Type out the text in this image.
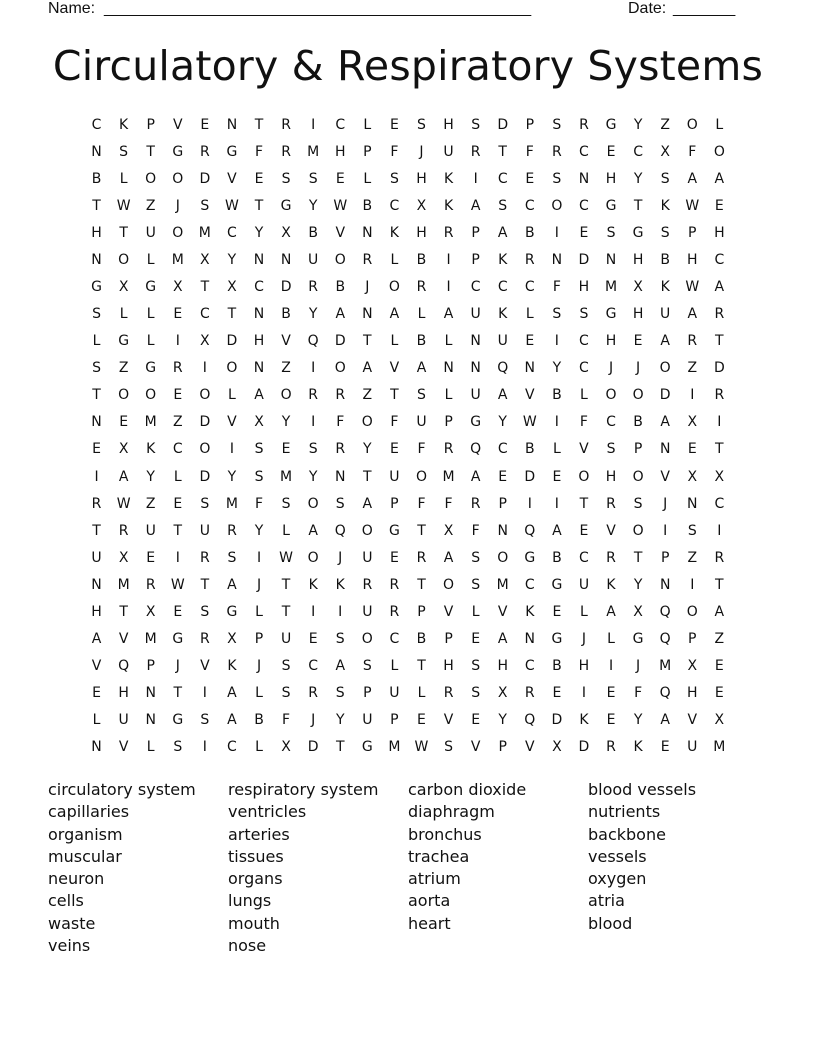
Name: ________________________________________________	Date: _______
Circulatory & Respiratory Systems
C	K	P	V	E	N	T	R	I	C	L	E	S	H	S	D	P	S	R	G	Y	Z	O	L
N	S	T	G	R	G	F	R	M	H	P	F	J	U	R	T	F	R	C	E	C	X	F	O
B	L	O	O	D	V	E	S	S	E	L	S	H	K	I	C	E	S	N	H	Y	S	A	A
T	W	Z	J	S	W	T	G	Y	W	B	C	X	K	A	S	C	O	C	G	T	K	W	E
H	T	U	O	M	C	Y	X	B	V	N	K	H	R	P	A	B	I	E	S	G	S	P	H
N	O	L	M	X	Y	N	N	U	O	R	L	B	I	P	K	R	N	D	N	H	B	H	C
G	X	G	X	T	X	C	D	R	B	J	O	R	I	C	C	C	F	H	M	X	K	W	A
S	L	L	E	C	T	N	B	Y	A	N	A	L	A	U	K	L	S	S	G	H	U	A	R
L	G	L	I	X	D	H	V	Q	D	T	L	B	L	N	U	E	I	C	H	E	A	R	T
S	Z	G	R	I	O	N	Z	I	O	A	V	A	N	N	Q	N	Y	C	J	J	O	Z	D
T	O	O	E	O	L	A	O	R	R	Z	T	S	L	U	A	V	B	L	O	O	D	I	R
N	E	M	Z	D	V	X	Y	I	F	O	F	U	P	G	Y	W	I	F	C	B	A	X	I
E	X	K	C	O	I	S	E	S	R	Y	E	F	R	Q	C	B	L	V	S	P	N	E	T
I	A	Y	L	D	Y	S	M	Y	N	T	U	O	M	A	E	D	E	O	H	O	V	X	X
R	W	Z	E	S	M	F	S	O	S	A	P	F	F	R	P	I	I	T	R	S	J	N	C
T	R	U	T	U	R	Y	L	A	Q	O	G	T	X	F	N	Q	A	E	V	O	I	S	I
U	X	E	I	R	S	I	W	O	J	U	E	R	A	S	O	G	B	C	R	T	P	Z	R
N	M	R	W	T	A	J	T	K	K	R	R	T	O	S	M	C	G	U	K	Y	N	I	T
H	T	X	E	S	G	L	T	I	I	U	R	P	V	L	V	K	E	L	A	X	Q	O	A
A	V	M	G	R	X	P	U	E	S	O	C	B	P	E	A	N	G	J	L	G	Q	P	Z
V	Q	P	J	V	K	J	S	C	A	S	L	T	H	S	H	C	B	H	I	J	M	X	E
E	H	N	T	I	A	L	S	R	S	P	U	L	R	S	X	R	E	I	E	F	Q	H	E
L	U	N	G	S	A	B	F	J	Y	U	P	E	V	E	Y	Q	D	K	E	Y	A	V	X
N	V	L	S	I	C	L	X	D	T	G	M	W	S	V	P	V	X	D	R	K	E	U	M
circulatory system
capillaries
organism
muscular
neuron
cells
waste
veins
respiratory system
ventricles
arteries
tissues
organs
lungs
mouth
nose
carbon dioxide
diaphragm
bronchus
trachea
atrium
aorta
heart
blood vessels
nutrients
backbone
vessels
oxygen
atria
blood
